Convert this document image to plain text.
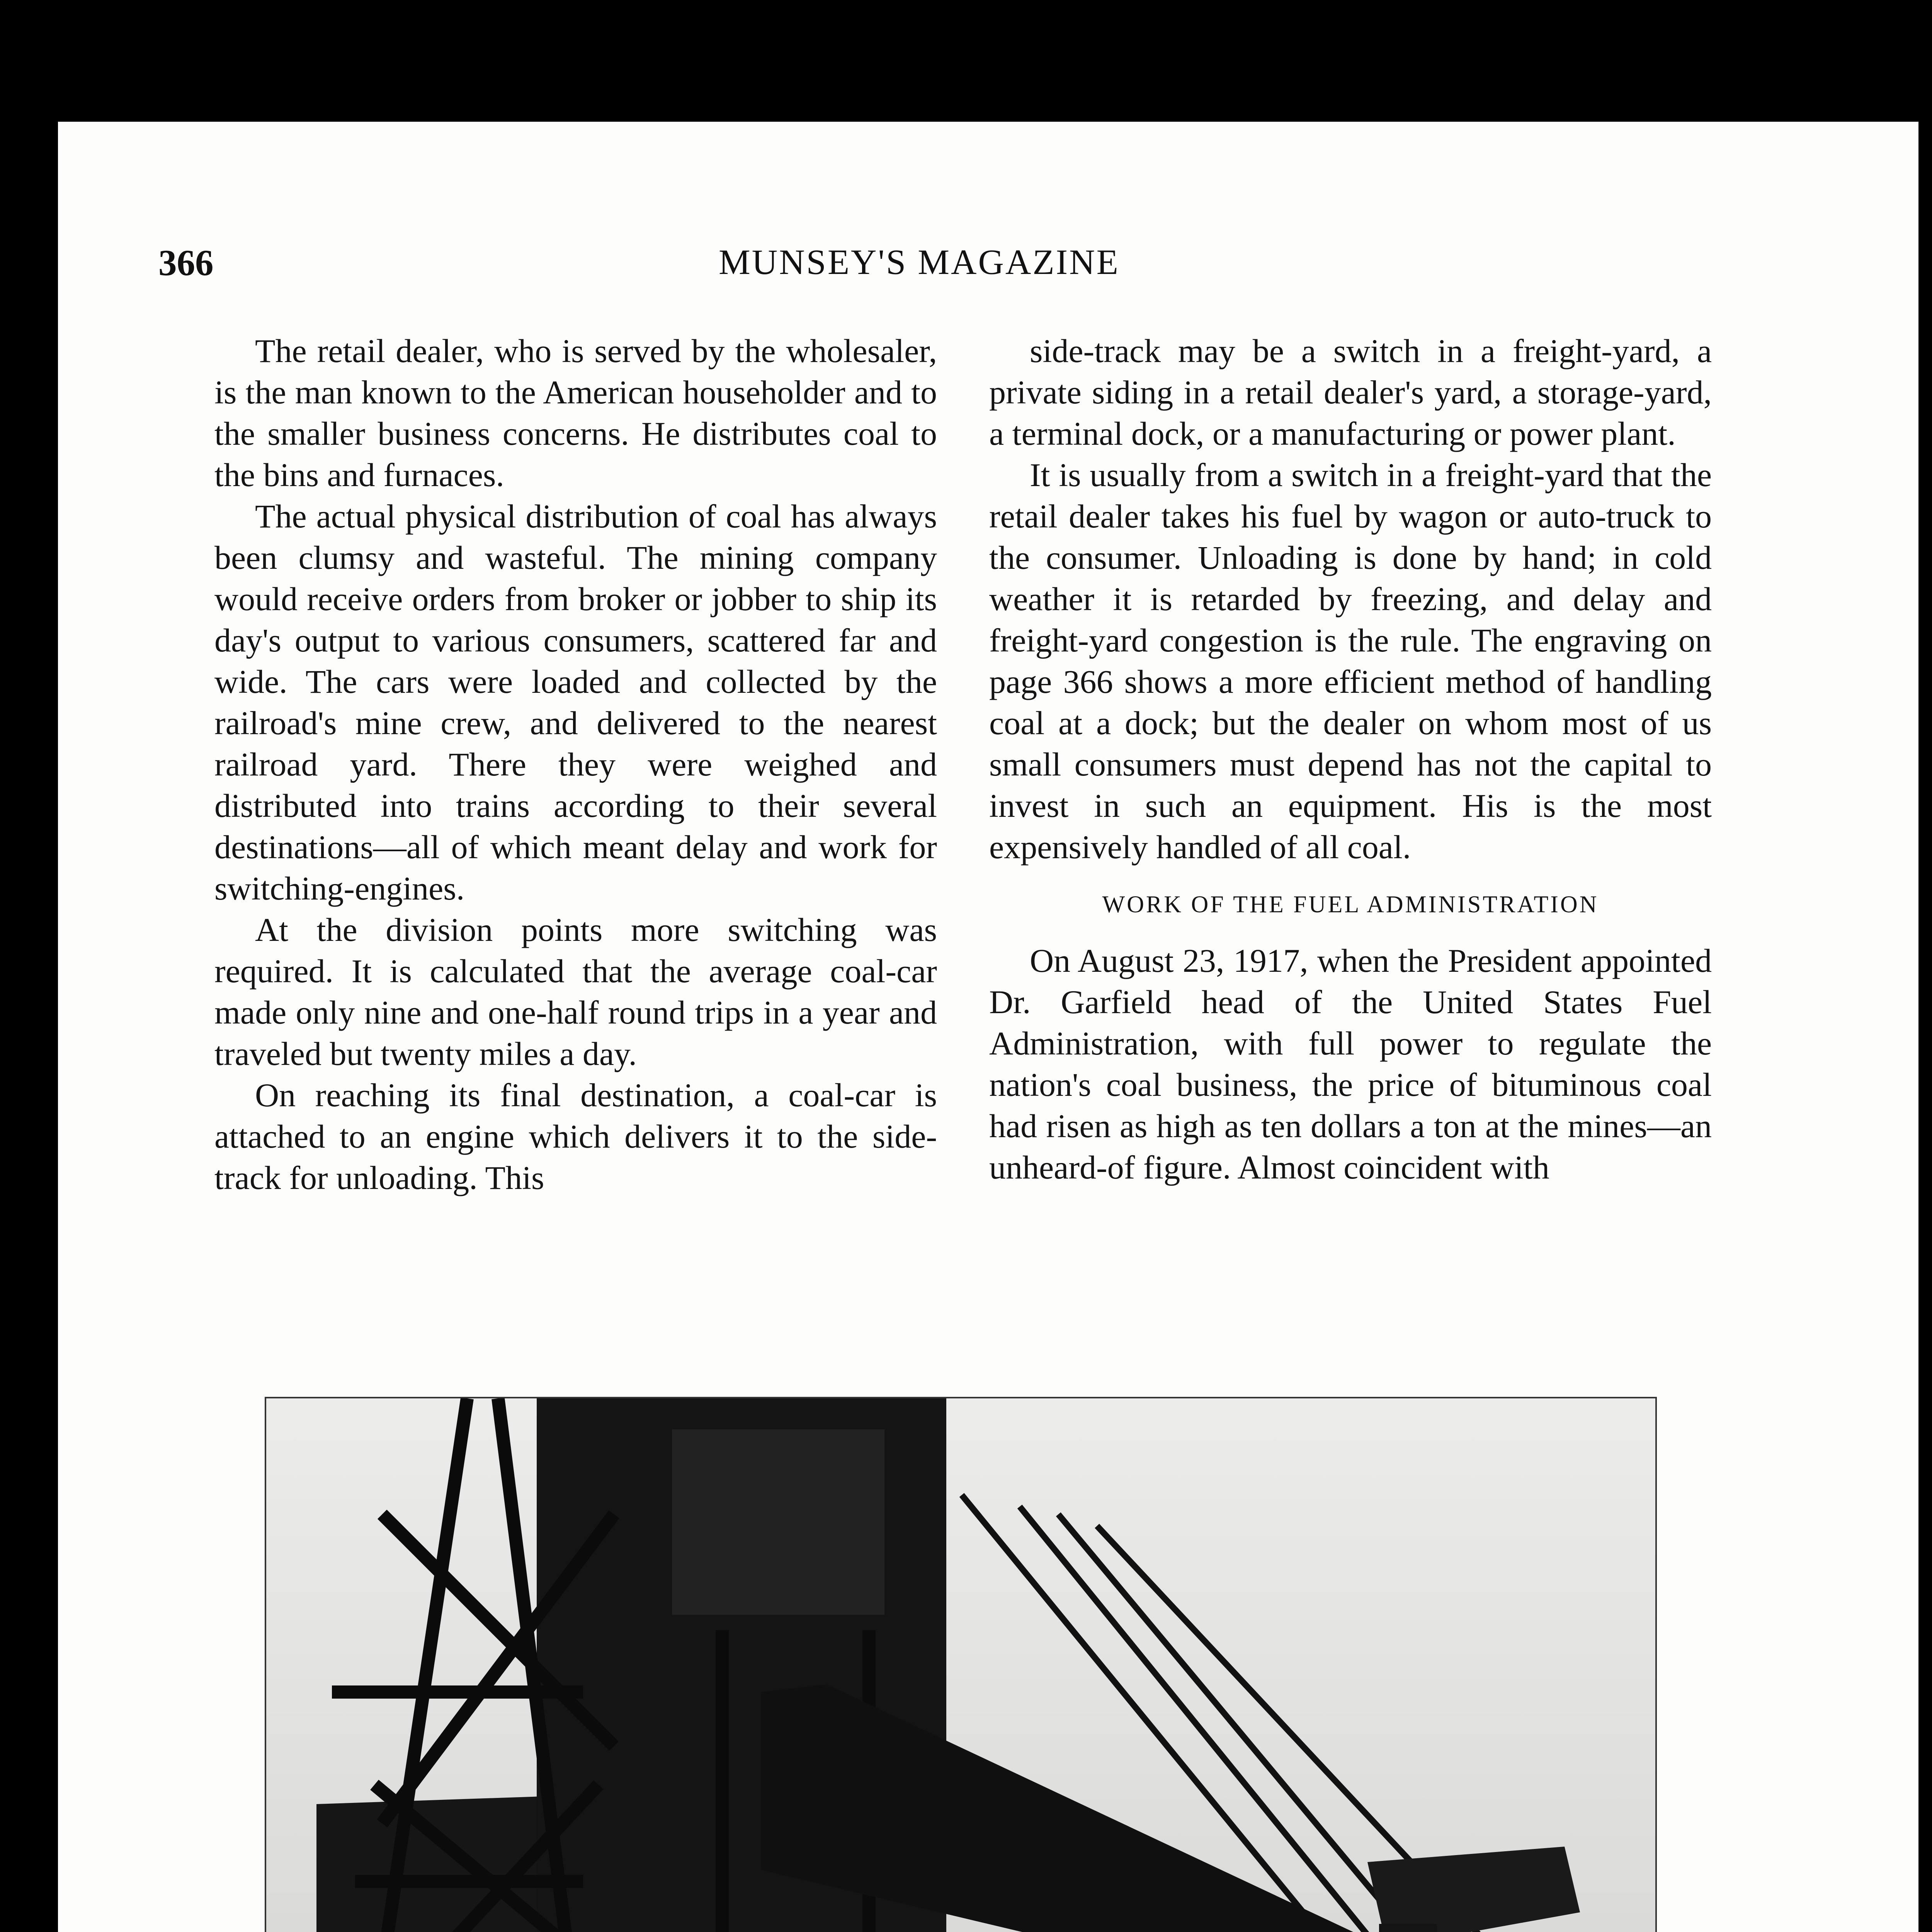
366	MUNSEY'S MAGAZINE

The retail dealer, who is served by the wholesaler, is the man known to the American householder and to the smaller business concerns. He distributes coal to the bins and furnaces.

The actual physical distribution of coal has always been clumsy and wasteful. The mining company would receive orders from broker or jobber to ship its day's output to various consumers, scattered far and wide. The cars were loaded and collected by the railroad's mine crew, and delivered to the nearest railroad yard. There they were weighed and distributed into trains according to their several destinations—all of which meant delay and work for switching-engines.

At the division points more switching was required. It is calculated that the average coal-car made only nine and one-half round trips in a year and traveled but twenty miles a day.

On reaching its final destination, a coal-car is attached to an engine which delivers it to the side-track for unloading. This

side-track may be a switch in a freight-yard, a private siding in a retail dealer's yard, a storage-yard, a terminal dock, or a manufacturing or power plant.

It is usually from a switch in a freight-yard that the retail dealer takes his fuel by wagon or auto-truck to the consumer. Unloading is done by hand; in cold weather it is retarded by freezing, and delay and freight-yard congestion is the rule. The engraving on page 366 shows a more efficient method of handling coal at a dock; but the dealer on whom most of us small consumers must depend has not the capital to invest in such an equipment. His is the most expensively handled of all coal.

WORK OF THE FUEL ADMINISTRATION

On August 23, 1917, when the President appointed Dr. Garfield head of the United States Fuel Administration, with full power to regulate the nation's coal business, the price of bituminous coal had risen as high as ten dollars a ton at the mines—an unheard-of figure. Almost coincident with
